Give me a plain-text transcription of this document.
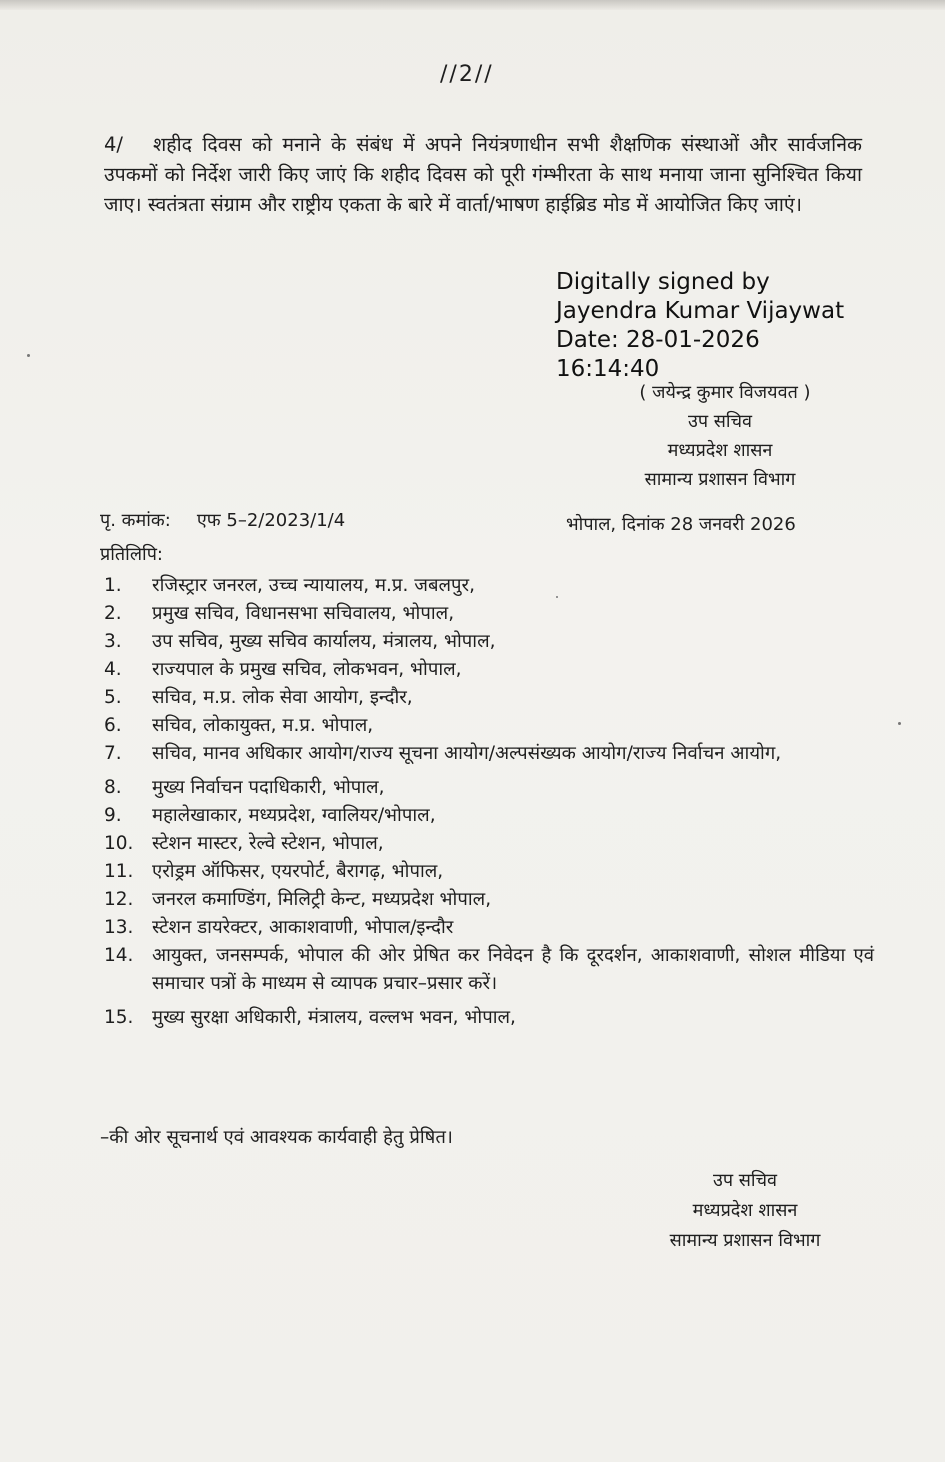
//2//
4/ शहीद दिवस को मनाने के संबंध में अपने नियंत्रणाधीन सभी शैक्षणिक संस्थाओं और सार्वजनिक उपकमों को निर्देश जारी किए जाएं कि शहीद दिवस को पूरी गंम्भीरता के साथ मनाया जाना सुनिश्चित किया जाए। स्वतंत्रता संग्राम और राष्ट्रीय एकता के बारे में वार्ता/भाषण हाईब्रिड मोड में आयोजित किए जाएं।
Digitally signed by
Jayendra Kumar Vijaywat
Date: 28-01-2026
16:14:40
( जयेन्द्र कुमार विजयवत )
उप सचिव
मध्यप्रदेश शासन
सामान्य प्रशासन विभाग
पृ. कमांक: एफ 5–2/2023/1/4	भोपाल, दिनांक 28 जनवरी 2026
प्रतिलिपि:
1.	रजिस्ट्रार जनरल, उच्च न्यायालय, म.प्र. जबलपुर,
2.	प्रमुख सचिव, विधानसभा सचिवालय, भोपाल,
3.	उप सचिव, मुख्य सचिव कार्यालय, मंत्रालय, भोपाल,
4.	राज्यपाल के प्रमुख सचिव, लोकभवन, भोपाल,
5.	सचिव, म.प्र. लोक सेवा आयोग, इन्दौर,
6.	सचिव, लोकायुक्त, म.प्र. भोपाल,
7.	सचिव, मानव अधिकार आयोग/राज्य सूचना आयोग/अल्पसंख्यक आयोग/राज्य निर्वाचन आयोग,
8.	मुख्य निर्वाचन पदाधिकारी, भोपाल,
9.	महालेखाकार, मध्यप्रदेश, ग्वालियर/भोपाल,
10.	स्टेशन मास्टर, रेल्वे स्टेशन, भोपाल,
11.	एरोड्रम ऑफिसर, एयरपोर्ट, बैरागढ़, भोपाल,
12.	जनरल कमाण्डिंग, मिलिट्री केन्ट, मध्यप्रदेश भोपाल,
13.	स्टेशन डायरेक्टर, आकाशवाणी, भोपाल/इन्दौर
14.	आयुक्त, जनसम्पर्क, भोपाल की ओर प्रेषित कर निवेदन है कि दूरदर्शन, आकाशवाणी, सोशल मीडिया एवं समाचार पत्रों के माध्यम से व्यापक प्रचार–प्रसार करें।
15.	मुख्य सुरक्षा अधिकारी, मंत्रालय, वल्लभ भवन, भोपाल,
–की ओर सूचनार्थ एवं आवश्यक कार्यवाही हेतु प्रेषित।
उप सचिव
मध्यप्रदेश शासन
सामान्य प्रशासन विभाग
